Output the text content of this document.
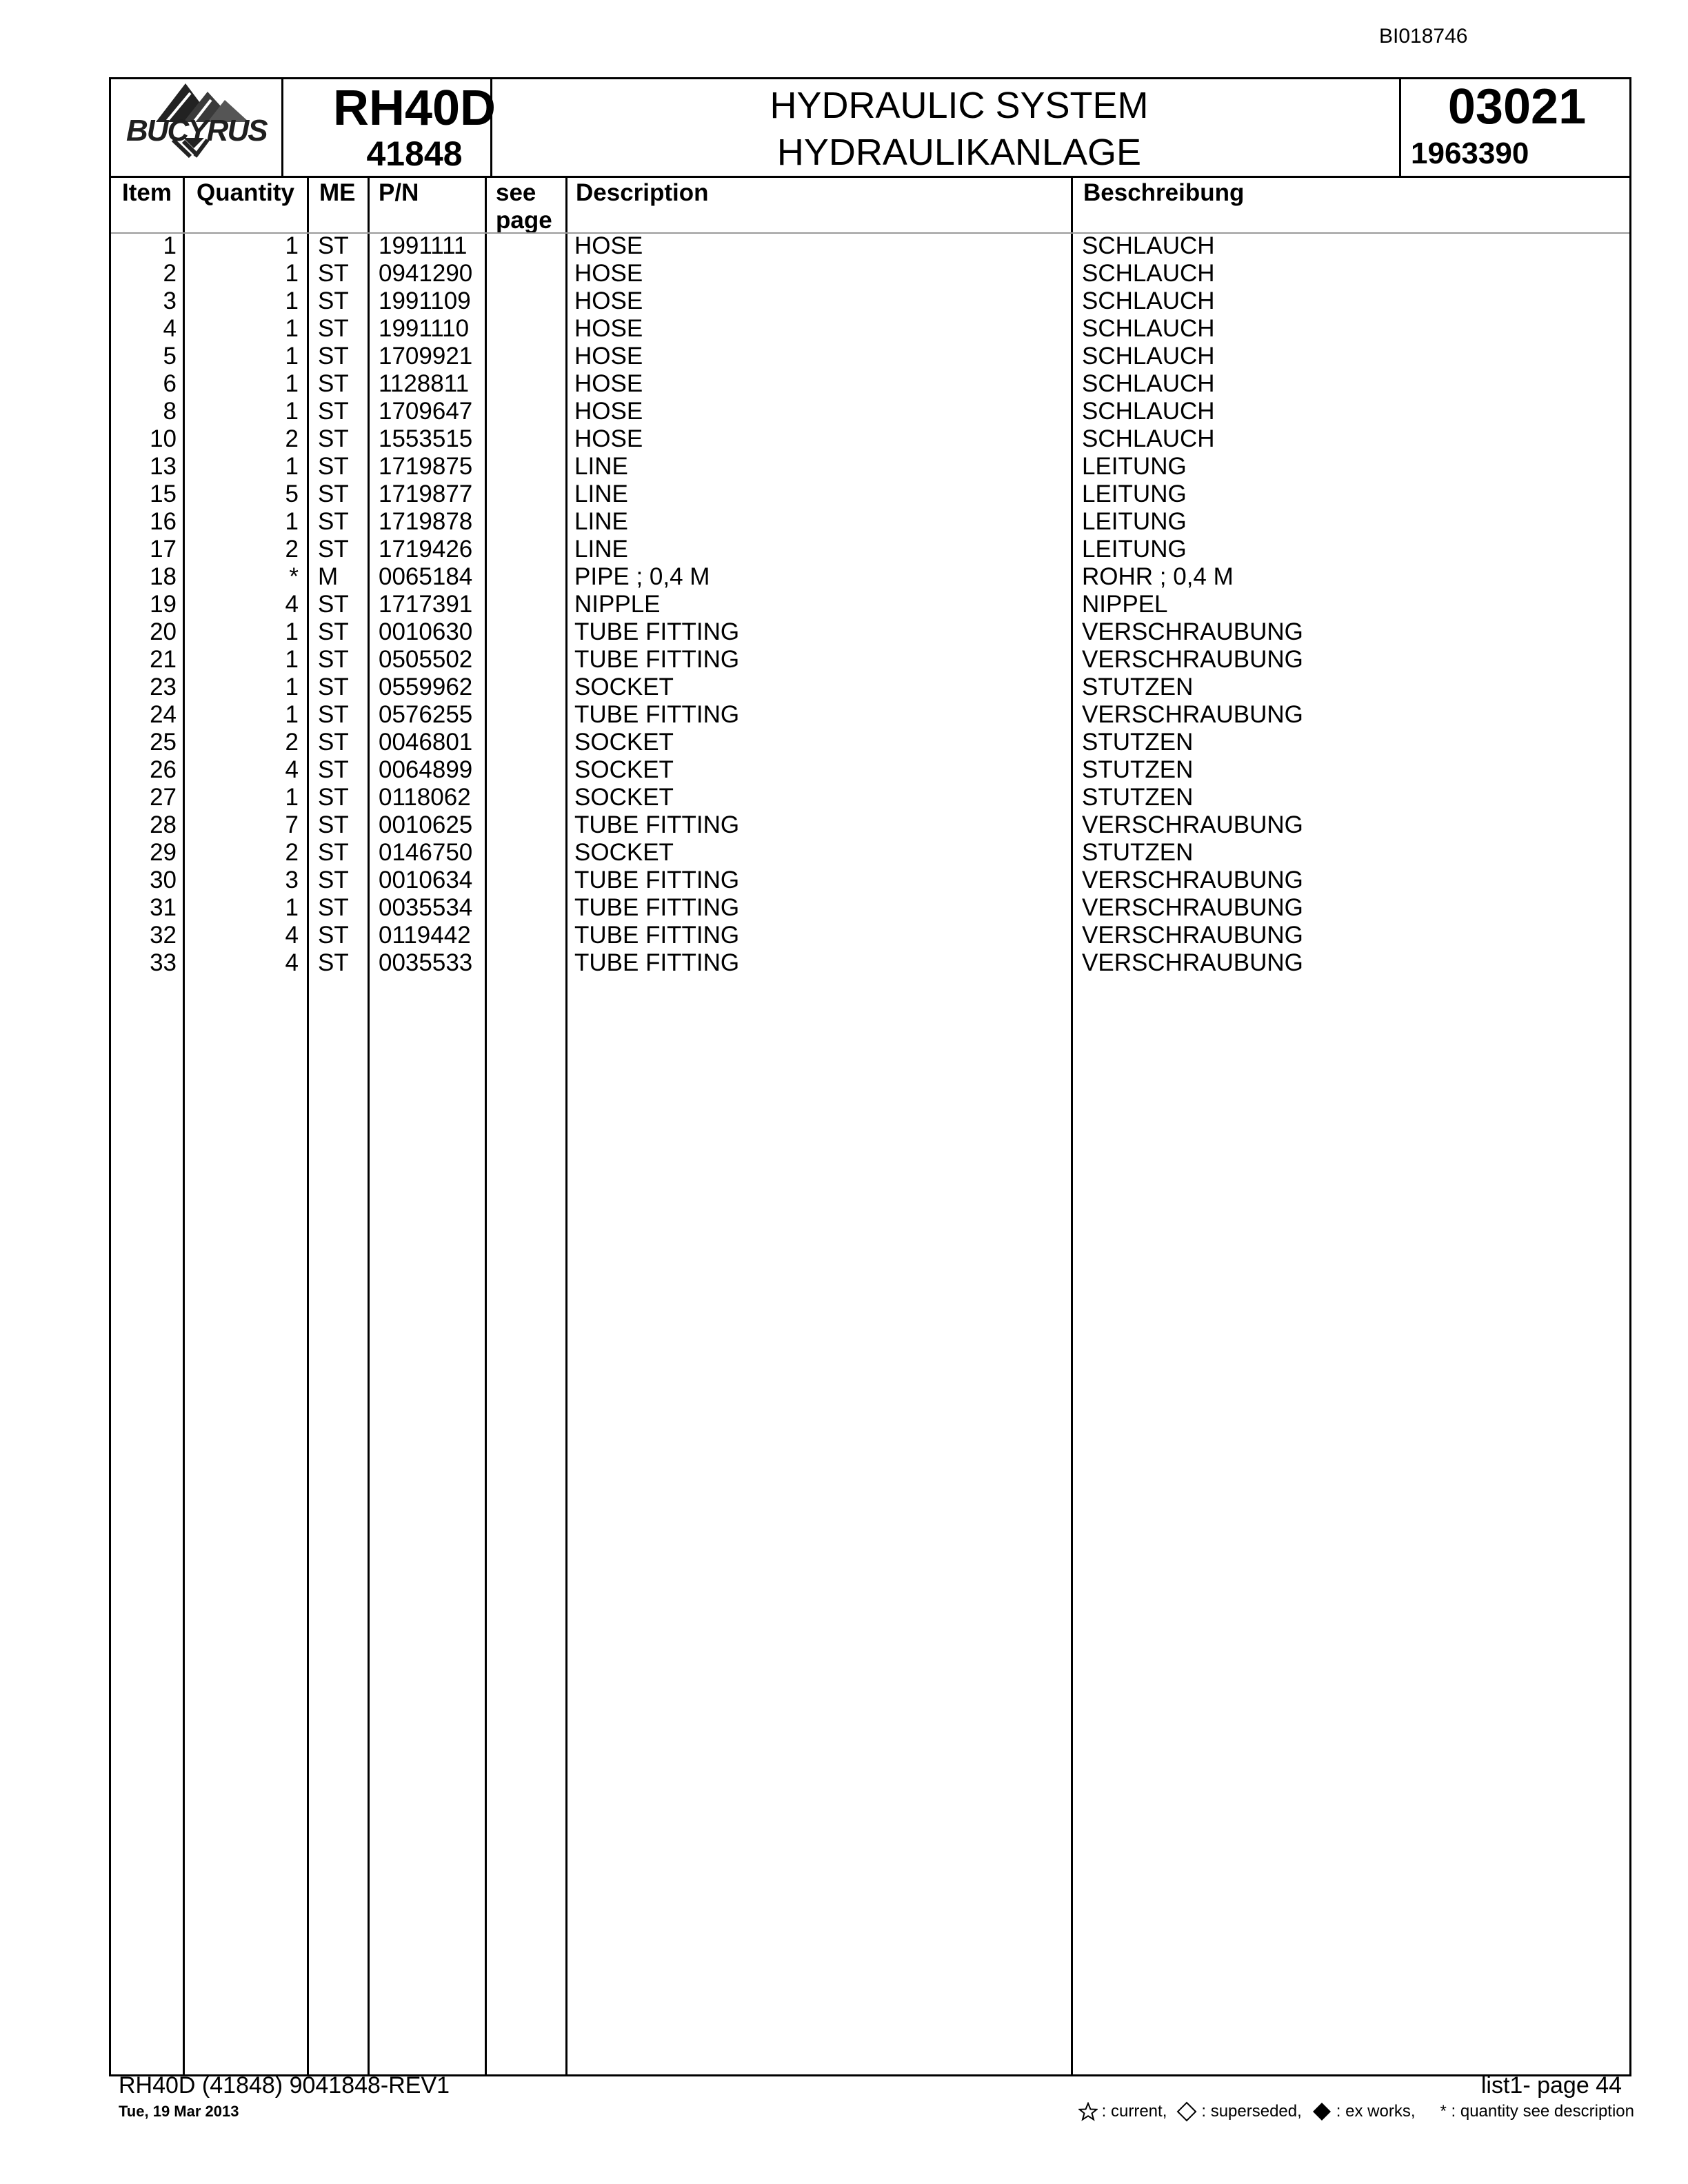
BI018746
BUCYRUS	RH40D
41848
HYDRAULIC SYSTEM
HYDRAULIKANLAGE
03021
1963390
Item Quantity ME P/N	see
page
Description	Beschreibung
1	1 ST 1991111	HOSE	SCHLAUCH
2	1 ST 0941290	HOSE	SCHLAUCH
3	1 ST 1991109	HOSE	SCHLAUCH
4	1 ST 1991110	HOSE	SCHLAUCH
5	1 ST 1709921	HOSE	SCHLAUCH
6	1 ST 1128811	HOSE	SCHLAUCH
8	1 ST 1709647	HOSE	SCHLAUCH
10	2 ST 1553515	HOSE	SCHLAUCH
13	1 ST 1719875	LINE	LEITUNG
15	5 ST 1719877	LINE	LEITUNG
16	1 ST 1719878	LINE	LEITUNG
17	2 ST 1719426	LINE	LEITUNG
18	* M 0065184	PIPE ; 0,4 M	ROHR ; 0,4 M
19	4 ST 1717391	NIPPLE	NIPPEL
20	1 ST 0010630	TUBE FITTING	VERSCHRAUBUNG
21	1 ST 0505502	TUBE FITTING	VERSCHRAUBUNG
23	1 ST 0559962	SOCKET	STUTZEN
24	1 ST 0576255	TUBE FITTING	VERSCHRAUBUNG
25	2 ST 0046801	SOCKET	STUTZEN
26	4 ST 0064899	SOCKET	STUTZEN
27	1 ST 0118062	SOCKET	STUTZEN
28	7 ST 0010625	TUBE FITTING	VERSCHRAUBUNG
29	2 ST 0146750	SOCKET	STUTZEN
30	3 ST 0010634	TUBE FITTING	VERSCHRAUBUNG
31	1 ST 0035534	TUBE FITTING	VERSCHRAUBUNG
32	4 ST 0119442	TUBE FITTING	VERSCHRAUBUNG
33	4 ST 0035533	TUBE FITTING	VERSCHRAUBUNG
RH40D (41848) 9041848-REV1
Tue, 19 Mar 2013
list1- page 44
: current, : superseded, : ex works, * : quantity see description
